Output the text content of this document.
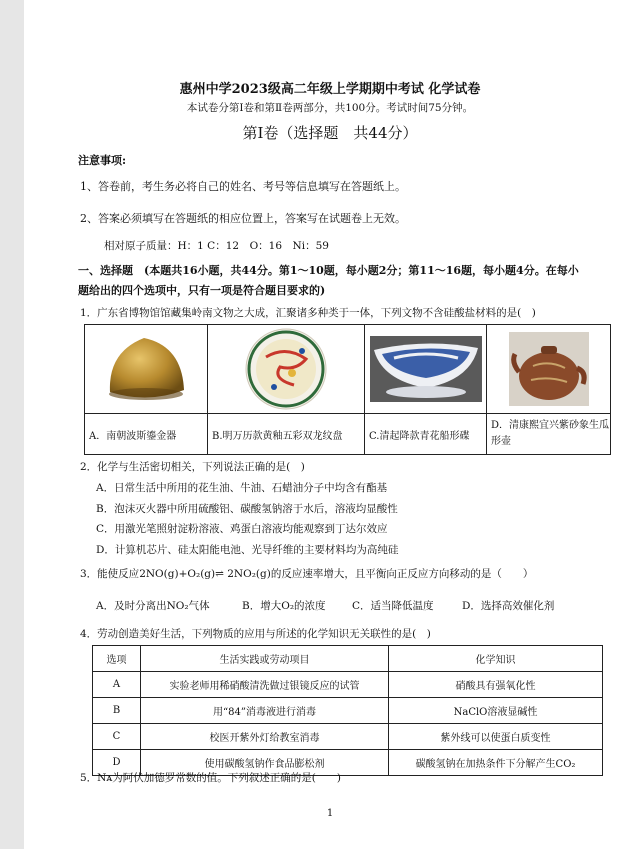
惠州中学2023级高二年级上学期期中考试 化学试卷
本试卷分第Ⅰ卷和第Ⅱ卷两部分，共100分。考试时间75分钟。
第Ⅰ卷（选择题　共44分）
注意事项:
1、答卷前，考生务必将自己的姓名、考号等信息填写在答题纸上。
2、答案必须填写在答题纸的相应位置上，答案写在试题卷上无效。
相对原子质量：H：1 C：12　O：16　Ni：59
一、选择题　(本题共16小题，共44分。第1～10题，每小题2分；第11～16题，每小题4分。在每小
题给出的四个选项中，只有一项是符合题目要求的)
1．广东省博物馆馆藏集岭南文物之大成，汇聚诸多种类于一体，下列文物不含硅酸盐材料的是(　)

A．南朝波斯鎏金器	B.明万历款黄釉五彩双龙纹盘	C.清起降款青花船形碟	D．清康熙宜兴紫砂象生瓜形壶
2．化学与生活密切相关，下列说法正确的是(　)
A．日常生活中所用的花生油、牛油、石蜡油分子中均含有酯基
B．泡沫灭火器中所用硫酸铝、碳酸氢钠溶于水后，溶液均显酸性
C．用激光笔照射淀粉溶液、鸡蛋白溶液均能观察到丁达尔效应
D．计算机芯片、硅太阳能电池、光导纤维的主要材料均为高纯硅
3．能使反应2NO(g)+O₂(g)⇌ 2NO₂(g)的反应速率增大，且平衡向正反应方向移动的是（　　）
A．及时分离出NO₂气体	B．增大O₂的浓度	C．适当降低温度	D．选择高效催化剂
4．劳动创造美好生活，下列物质的应用与所述的化学知识无关联性的是(　)
选项	生活实践或劳动项目	化学知识
A	实验老师用稀硝酸清洗做过银镜反应的试管	硝酸具有强氧化性
B	用“84”消毒液进行消毒	NaClO溶液显碱性
C	校医开紫外灯给教室消毒	紫外线可以使蛋白质变性
D	使用碳酸氢钠作食品膨松剂	碳酸氢钠在加热条件下分解产生CO₂
5．Nᴀ为阿伏加德罗常数的值。下列叙述正确的是(　　)
1
